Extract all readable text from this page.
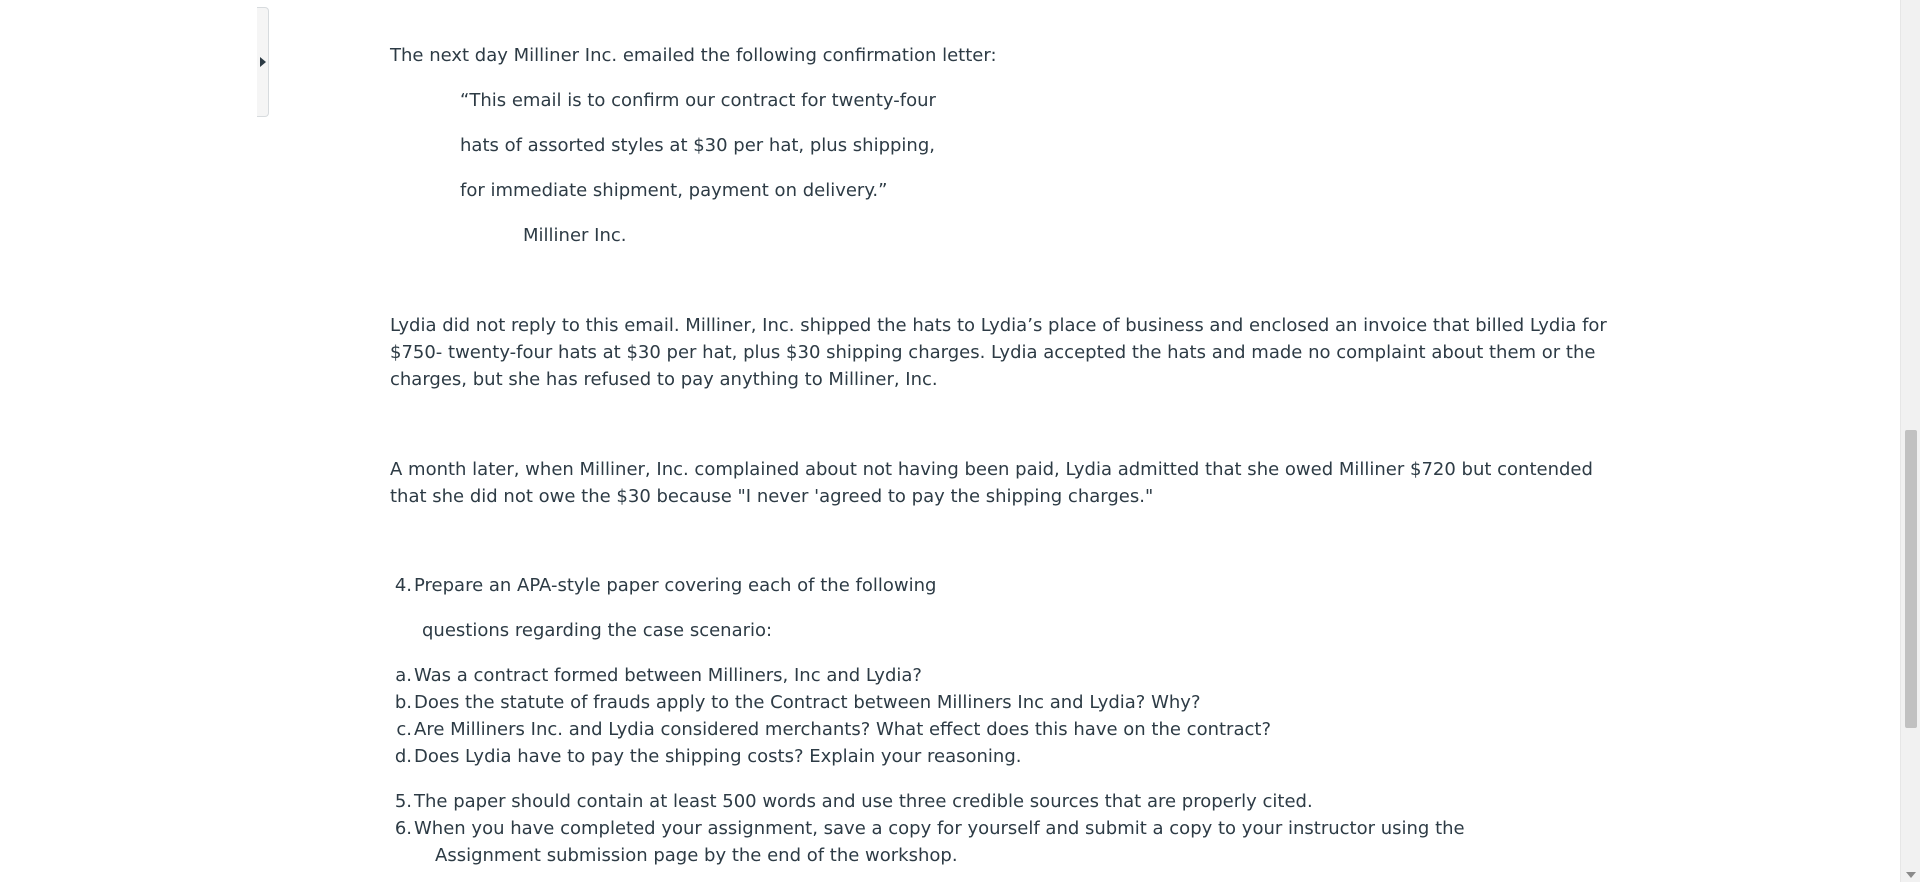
The next day Milliner Inc. emailed the following confirmation letter:
“This email is to confirm our contract for twenty-four
hats of assorted styles at $30 per hat, plus shipping,
for immediate shipment, payment on delivery.”
Milliner Inc.
Lydia did not reply to this email. Milliner, Inc. shipped the hats to Lydia’s place of business and enclosed an invoice that billed Lydia for $750- twenty-four hats at $30 per hat, plus $30 shipping charges. Lydia accepted the hats and made no complaint about them or the charges, but she has refused to pay anything to Milliner, Inc.
A month later, when Milliner, Inc. complained about not having been paid, Lydia admitted that she owed Milliner $720 but contended that she did not owe the $30 because "I never 'agreed to pay the shipping charges."
4. Prepare an APA-style paper covering each of the following
questions regarding the case scenario:
a. Was a contract formed between Milliners, Inc and Lydia?
b. Does the statute of frauds apply to the Contract between Milliners Inc and Lydia? Why?
c. Are Milliners Inc. and Lydia considered merchants? What effect does this have on the contract?
d. Does Lydia have to pay the shipping costs? Explain your reasoning.
5. The paper should contain at least 500 words and use three credible sources that are properly cited.
6. When you have completed your assignment, save a copy for yourself and submit a copy to your instructor using the
Assignment submission page by the end of the workshop.
